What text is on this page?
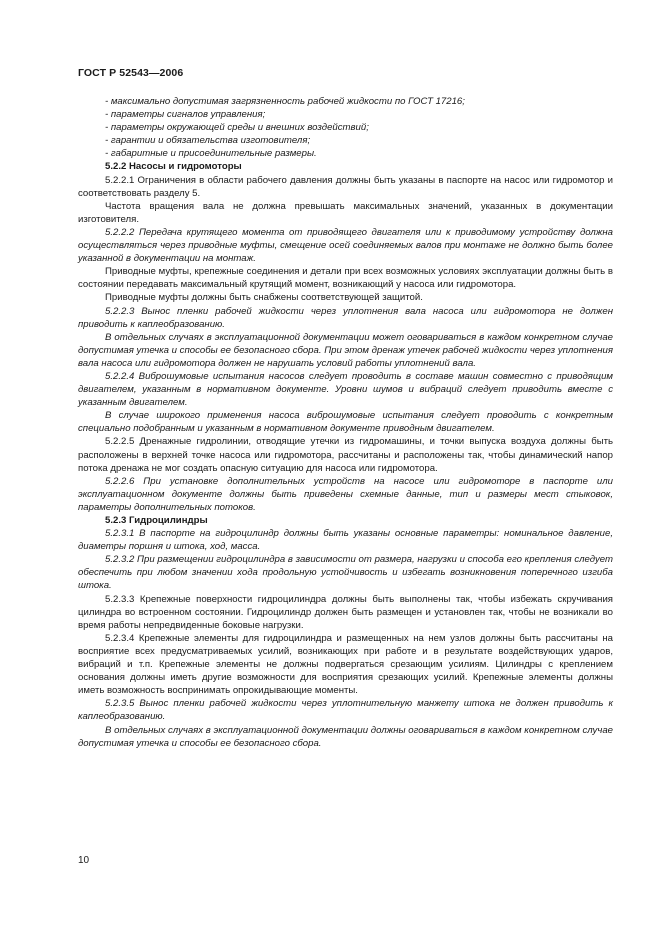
ГОСТ Р 52543—2006

- максимально допустимая загрязненность рабочей жидкости по ГОСТ 17216;

- параметры сигналов управления;

- параметры окружающей среды и внешних воздействий;

- гарантии и обязательства изготовителя;

- габаритные и присоединительные размеры.

5.2.2 Насосы и гидромоторы

5.2.2.1 Ограничения в области рабочего давления должны быть указаны в паспорте на насос или гидромотор и соответствовать разделу 5.

Частота вращения вала не должна превышать максимальных значений, указанных в документации изготовителя.

5.2.2.2 Передача крутящего момента от приводящего двигателя или к приводимому устройству должна осуществляться через приводные муфты, смещение осей соединяемых валов при монтаже не должно быть более указанной в документации на монтаж.

Приводные муфты, крепежные соединения и детали при всех возможных условиях эксплуатации должны быть в состоянии передавать максимальный крутящий момент, возникающий у насоса или гидромотора.

Приводные муфты должны быть снабжены соответствующей защитой.

5.2.2.3 Вынос пленки рабочей жидкости через уплотнения вала насоса или гидромотора не должен приводить к каплеобразованию.

В отдельных случаях в эксплуатационной документации может оговариваться в каждом конкретном случае допустимая утечка и способы ее безопасного сбора. При этом дренаж утечек рабочей жидкости через уплотнения вала насоса или гидромотора должен не нарушать условий работы уплотнений вала.

5.2.2.4 Виброшумовые испытания насосов следует проводить в составе машин совместно с приводящим двигателем, указанным в нормативном документе. Уровни шумов и вибраций следует приводить вместе с указанным двигателем.

В случае широкого применения насоса виброшумовые испытания следует проводить с конкретным специально подобранным и указанным в нормативном документе приводным двигателем.

5.2.2.5 Дренажные гидролинии, отводящие утечки из гидромашины, и точки выпуска воздуха должны быть расположены в верхней точке насоса или гидромотора, рассчитаны и расположены так, чтобы динамический напор потока дренажа не мог создать опасную ситуацию для насоса или гидромотора.

5.2.2.6 При установке дополнительных устройств на насосе или гидромоторе в паспорте или эксплуатационном документе должны быть приведены схемные данные, тип и размеры мест стыковок, параметры дополнительных потоков.

5.2.3 Гидроцилиндры

5.2.3.1 В паспорте на гидроцилиндр должны быть указаны основные параметры: номинальное давление, диаметры поршня и штока, ход, масса.

5.2.3.2 При размещении гидроцилиндра в зависимости от размера, нагрузки и способа его крепления следует обеспечить при любом значении хода продольную устойчивость и избегать возникновения поперечного изгиба штока.

5.2.3.3 Крепежные поверхности гидроцилиндра должны быть выполнены так, чтобы избежать скручивания цилиндра во встроенном состоянии. Гидроцилиндр должен быть размещен и установлен так, чтобы не возникали во время работы непредвиденные боковые нагрузки.

5.2.3.4 Крепежные элементы для гидроцилиндра и размещенных на нем узлов должны быть рассчитаны на восприятие всех предусматриваемых усилий, возникающих при работе и в результате воздействующих ударов, вибраций и т.п. Крепежные элементы не должны подвергаться срезающим усилиям. Цилиндры с креплением основания должны иметь другие возможности для восприятия срезающих усилий. Крепежные элементы должны иметь возможность воспринимать опрокидывающие моменты.

5.2.3.5 Вынос пленки рабочей жидкости через уплотнительную манжету штока не должен приводить к каплеобразованию.

В отдельных случаях в эксплуатационной документации должны оговариваться в каждом конкретном случае допустимая утечка и способы ее безопасного сбора.

10
